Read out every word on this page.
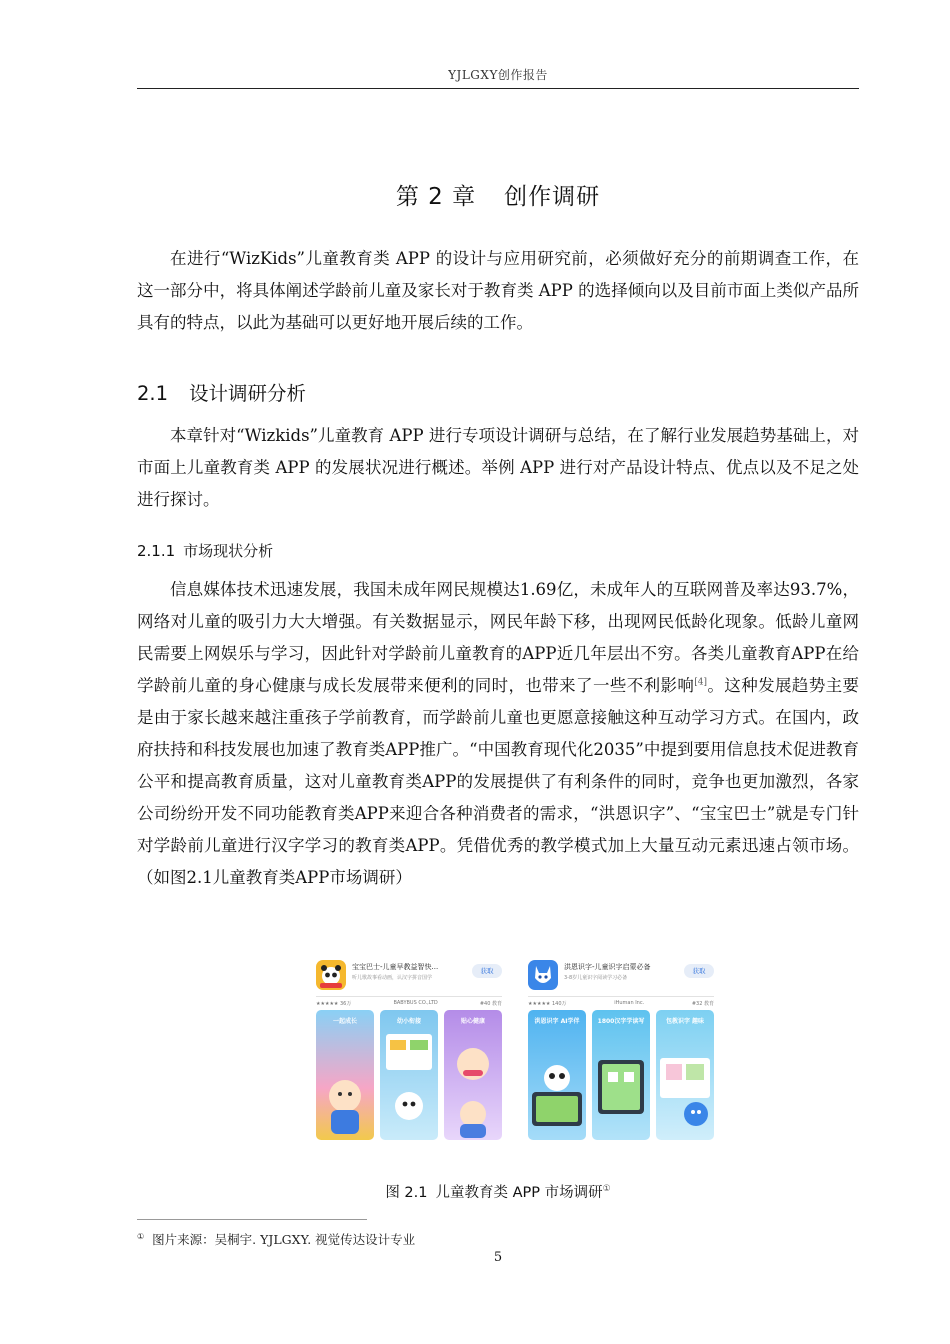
YJLGXY创作报告
第 2 章 创作调研

在进行“WizKids”儿童教育类 APP 的设计与应用研究前，必须做好充分的前期调查工作，在这一部分中，将具体阐述学龄前儿童及家长对于教育类 APP 的选择倾向以及目前市面上类似产品所具有的特点，以此为基础可以更好地开展后续的工作。

2.1 设计调研分析

本章针对“Wizkids”儿童教育 APP 进行专项设计调研与总结，在了解行业发展趋势基础上，对市面上儿童教育类 APP 的发展状况进行概述。举例 APP 进行对产品设计特点、优点以及不足之处进行探讨。

2.1.1 市场现状分析

信息媒体技术迅速发展，我国未成年网民规模达1.69亿，未成年人的互联网普及率达93.7%，网络对儿童的吸引力大大增强。有关数据显示，网民年龄下移，出现网民低龄化现象。低龄儿童网民需要上网娱乐与学习，因此针对学龄前儿童教育的APP近几年层出不穷。各类儿童教育APP在给学龄前儿童的身心健康与成长发展带来便利的同时，也带来了一些不利影响[4]。这种发展趋势主要是由于家长越来越注重孩子学前教育，而学龄前儿童也更愿意接触这种互动学习方式。在国内，政府扶持和科技发展也加速了教育类APP推广。“中国教育现代化2035”中提到要用信息技术促进教育公平和提高教育质量，这对儿童教育类APP的发展提供了有利条件的同时，竞争也更加激烈，各家公司纷纷开发不同功能教育类APP来迎合各种消费者的需求，“洪恩识字”、“宝宝巴士”就是专门针对学龄前儿童进行汉字学习的教育类APP。凭借优秀的教学模式加上大量互动元素迅速占领市场。（如图2.1儿童教育类APP市场调研）

宝宝巴士-儿童早教益智快...
听儿歌故事看动画，认汉字拼音国学
获取
★★★★★ 36万	BABYBUS CO.,LTD	#40 教育
一起成长	幼小衔接	贴心健康
洪恩识字-儿童识字启蒙必备
3-8岁儿童识字阅读学习必备
获取
★★★★★ 140万	iHuman Inc.	#32 教育
洪恩识字 AI学伴	1800汉字学读写	包教识字 趣味
图 2.1 儿童教育类 APP 市场调研①
① 图片来源：吴桐宇. YJLGXY. 视觉传达设计专业
5
